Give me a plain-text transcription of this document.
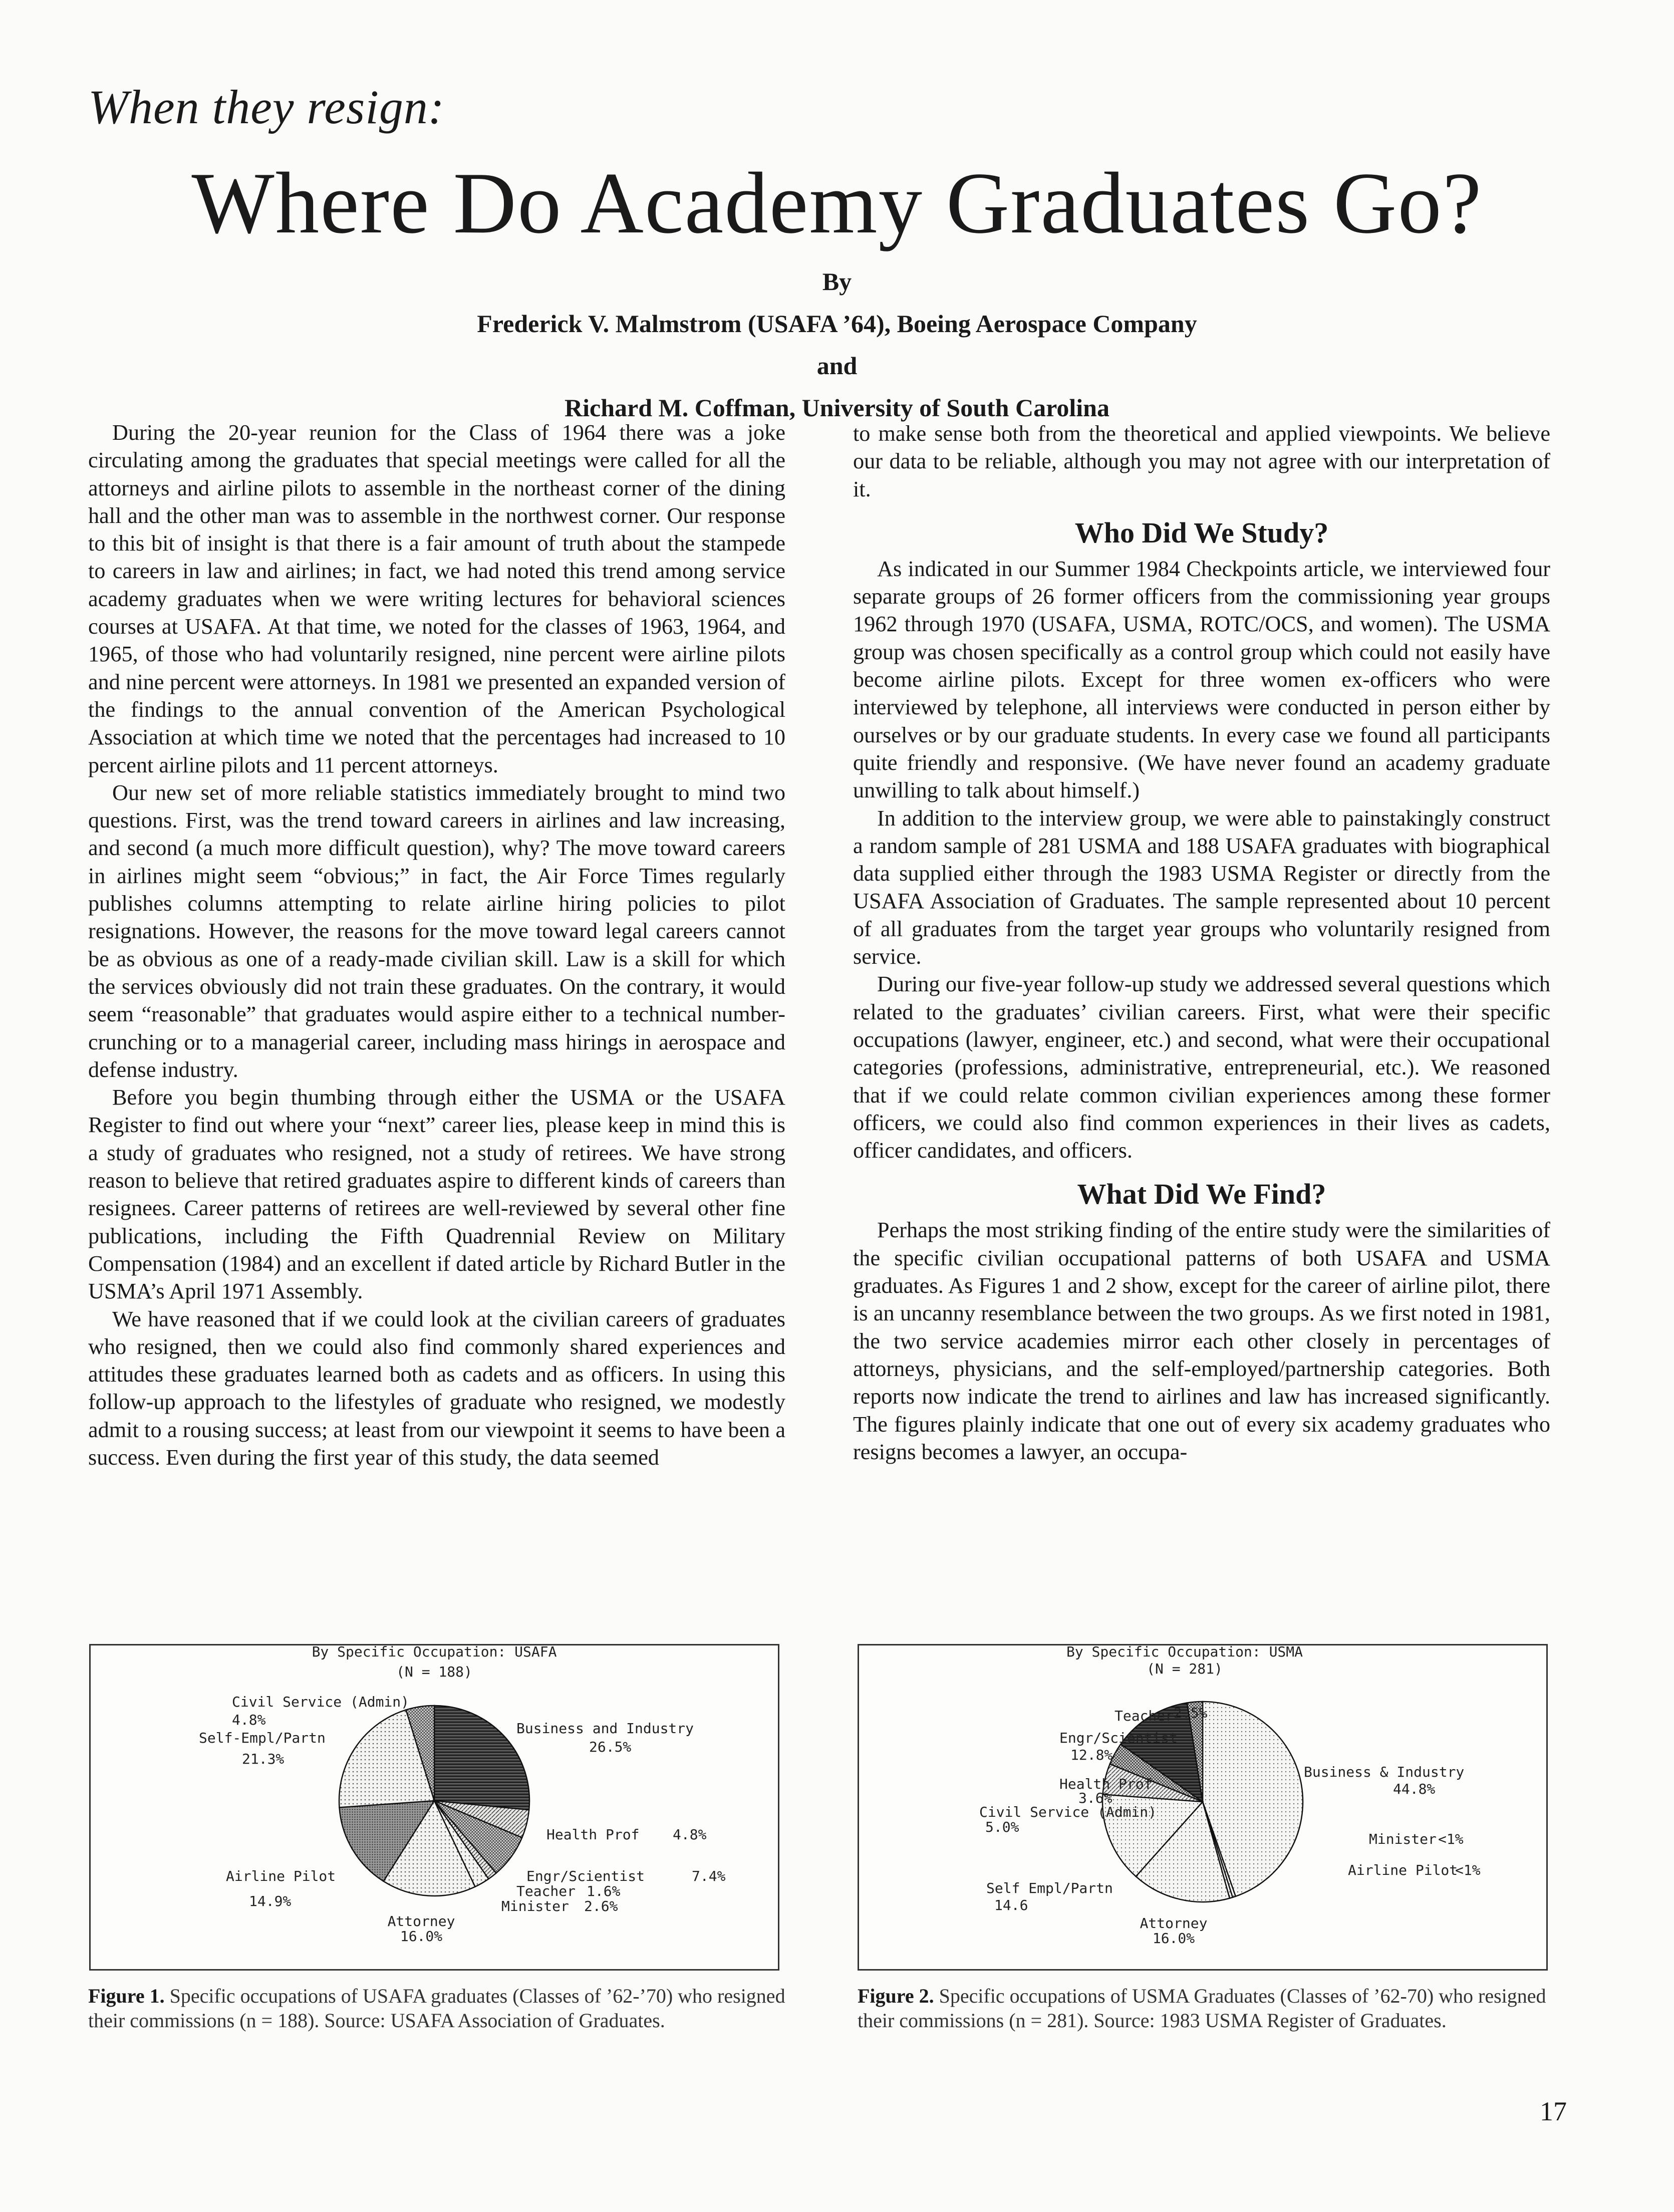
When they resign:
Where Do Academy Graduates Go?
By
Frederick V. Malmstrom (USAFA ’64), Boeing Aerospace Company
and
Richard M. Coffman, University of South Carolina

During the 20-year reunion for the Class of 1964 there was a joke circulating among the graduates that special meetings were called for all the attorneys and airline pilots to assemble in the northeast corner of the dining hall and the other man was to assemble in the northwest corner. Our response to this bit of insight is that there is a fair amount of truth about the stampede to careers in law and airlines; in fact, we had noted this trend among service academy graduates when we were writing lectures for behavioral sciences courses at USAFA. At that time, we noted for the classes of 1963, 1964, and 1965, of those who had voluntarily resigned, nine percent were airline pilots and nine percent were attorneys. In 1981 we presented an expanded version of the findings to the annual convention of the American Psychological Association at which time we noted that the percentages had increased to 10 percent airline pilots and 11 percent attorneys.

Our new set of more reliable statistics immediately brought to mind two questions. First, was the trend toward careers in airlines and law increasing, and second (a much more difficult question), why? The move toward careers in airlines might seem “obvious;” in fact, the Air Force Times regularly publishes columns attempting to relate airline hiring policies to pilot resignations. However, the reasons for the move toward legal careers cannot be as obvious as one of a ready-made civilian skill. Law is a skill for which the services obviously did not train these graduates. On the contrary, it would seem “reasonable” that graduates would aspire either to a technical number-crunching or to a managerial career, including mass hirings in aerospace and defense industry.

Before you begin thumbing through either the USMA or the USAFA Register to find out where your “next” career lies, please keep in mind this is a study of graduates who resigned, not a study of retirees. We have strong reason to believe that retired graduates aspire to different kinds of careers than resignees. Career patterns of retirees are well-reviewed by several other fine publications, including the Fifth Quadrennial Review on Military Compensation (1984) and an excellent if dated article by Richard Butler in the USMA’s April 1971 Assembly.

We have reasoned that if we could look at the civilian careers of graduates who resigned, then we could also find commonly shared experiences and attitudes these graduates learned both as cadets and as officers. In using this follow-up approach to the lifestyles of graduate who resigned, we modestly admit to a rousing success; at least from our viewpoint it seems to have been a success. Even during the first year of this study, the data seemed

to make sense both from the theoretical and applied viewpoints. We believe our data to be reliable, although you may not agree with our interpretation of it.

Who Did We Study?

As indicated in our Summer 1984 Checkpoints article, we interviewed four separate groups of 26 former officers from the commissioning year groups 1962 through 1970 (USAFA, USMA, ROTC/OCS, and women). The USMA group was chosen specifically as a control group which could not easily have become airline pilots. Except for three women ex-officers who were interviewed by telephone, all interviews were conducted in person either by ourselves or by our graduate students. In every case we found all participants quite friendly and responsive. (We have never found an academy graduate unwilling to talk about himself.)

In addition to the interview group, we were able to painstakingly construct a random sample of 281 USMA and 188 USAFA graduates with biographical data supplied either through the 1983 USMA Register or directly from the USAFA Association of Graduates. The sample represented about 10 percent of all graduates from the target year groups who voluntarily resigned from service.

During our five-year follow-up study we addressed several questions which related to the graduates’ civilian careers. First, what were their specific occupations (lawyer, engineer, etc.) and second, what were their occupational categories (professions, administrative, entrepreneurial, etc.). We reasoned that if we could relate common civilian experiences among these former officers, we could also find common experiences in their lives as cadets, officer candidates, and officers.

What Did We Find?

Perhaps the most striking finding of the entire study were the similarities of the specific civilian occupational patterns of both USAFA and USMA graduates. As Figures 1 and 2 show, except for the career of airline pilot, there is an uncanny resemblance between the two groups. As we first noted in 1981, the two service academies mirror each other closely in percentages of attorneys, physicians, and the self-employed/partnership categories. Both reports now indicate the trend to airlines and law has increased significantly. The figures plainly indicate that one out of every six academy graduates who resigns becomes a lawyer, an occupa-

By Specific Occupation: USAFA
(N = 188)
Civil Service (Admin)
4.8%
Self-Empl/Partn
21.3%
Business and Industry
26.5%
Health Prof 4.8%
Engr/Scientist	7.4%
Teacher 1.6%
Minister 2.6%
Airline Pilot
14.9%
Attorney
16.0%
By Specific Occupation: USMA
(N = 281)
Teacher 2.5%
Engr/Scientist
12.8%
Health Prof
3.6%
Civil Service (Admin)
5.0%
Business & Industry
44.8%
Minister <1%
Airline Pilot
<1%
Self Empl/Partn
14.6
Attorney
16.0%
Figure 1. Specific occupations of USAFA graduates (Classes of ’62-’70) who resigned their commissions (n = 188). Source: USAFA Association of Graduates.
Figure 2. Specific occupations of USMA Graduates (Classes of ’62-70) who resigned their commissions (n = 281). Source: 1983 USMA Register of Graduates.
17
